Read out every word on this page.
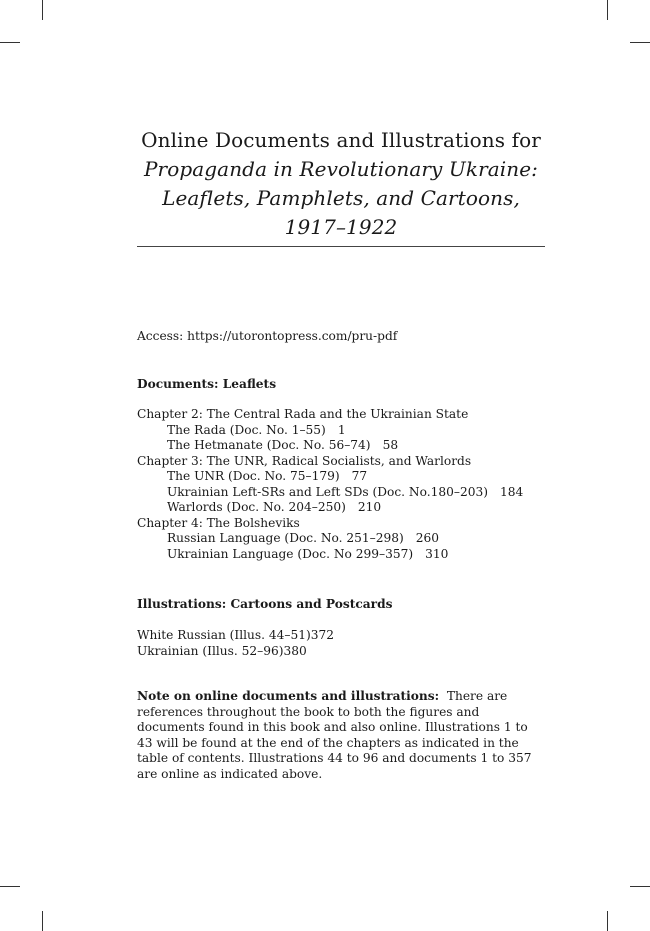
Online Documents and Illustrations for
Propaganda in Revolutionary Ukraine:
Leaflets, Pamphlets, and Cartoons,
1917–1922
Access: https://utorontopress.com/pru-pdf
Documents: Leaflets
Chapter 2: The Central Rada and the Ukrainian State
The Rada (Doc. No. 1–55) 1
The Hetmanate (Doc. No. 56–74) 58
Chapter 3: The UNR, Radical Socialists, and Warlords
The UNR (Doc. No. 75–179) 77
Ukrainian Left-SRs and Left SDs (Doc. No.180–203) 184
Warlords (Doc. No. 204–250) 210
Chapter 4: The Bolsheviks
Russian Language (Doc. No. 251–298) 260
Ukrainian Language (Doc. No 299–357) 310
Illustrations: Cartoons and Postcards
White Russian (Illus. 44–51)372
Ukrainian (Illus. 52–96)380
Note on online documents and illustrations: There are references throughout the book to both the figures and documents found in this book and also online. Illustrations 1 to 43 will be found at the end of the chapters as indicated in the table of contents. Illustrations 44 to 96 and documents 1 to 357 are online as indicated above.
